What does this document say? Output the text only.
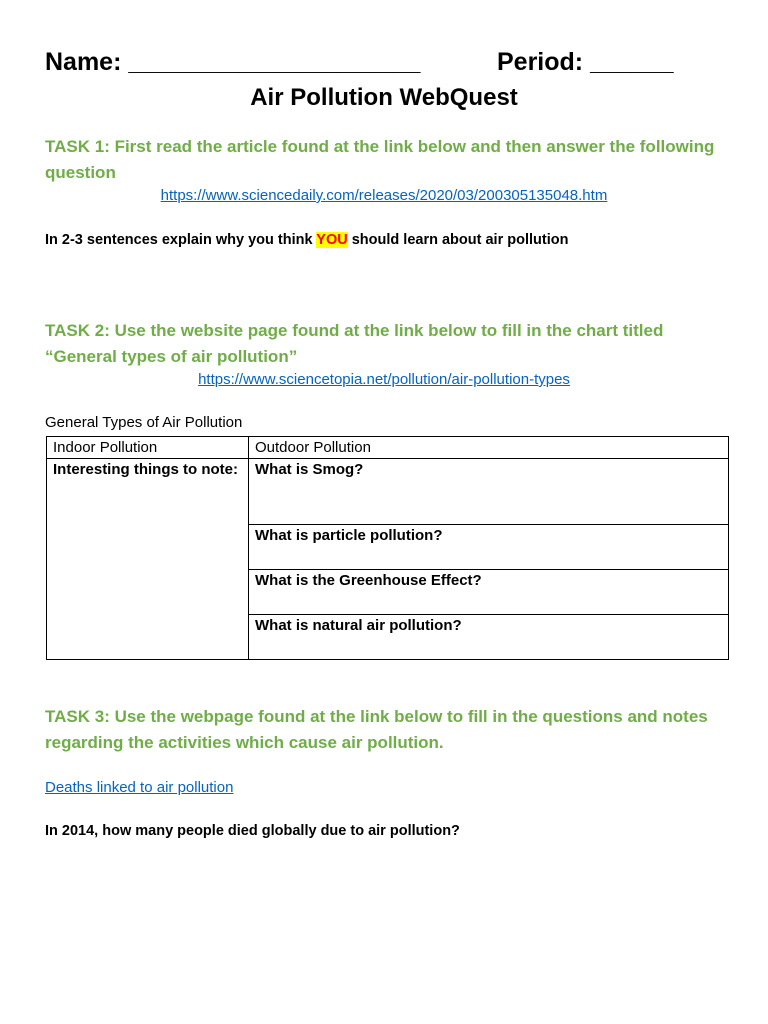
Name: _____________________	Period: ______
Air Pollution WebQuest
TASK 1: First read the article found at the link below and then answer the following question
https://www.sciencedaily.com/releases/2020/03/200305135048.htm
In 2-3 sentences explain why you think YOU should learn about air pollution
TASK 2: Use the website page found at the link below to fill in the chart titled “General types of air pollution”
https://www.sciencetopia.net/pollution/air-pollution-types
General Types of Air Pollution
Indoor Pollution	Outdoor Pollution
Interesting things to note:	What is Smog?
	What is particle pollution?
	What is the Greenhouse Effect?
	What is natural air pollution?
TASK 3: Use the webpage found at the link below to fill in the questions and notes regarding the activities which cause air pollution.
Deaths linked to air pollution
In 2014, how many people died globally due to air pollution?
